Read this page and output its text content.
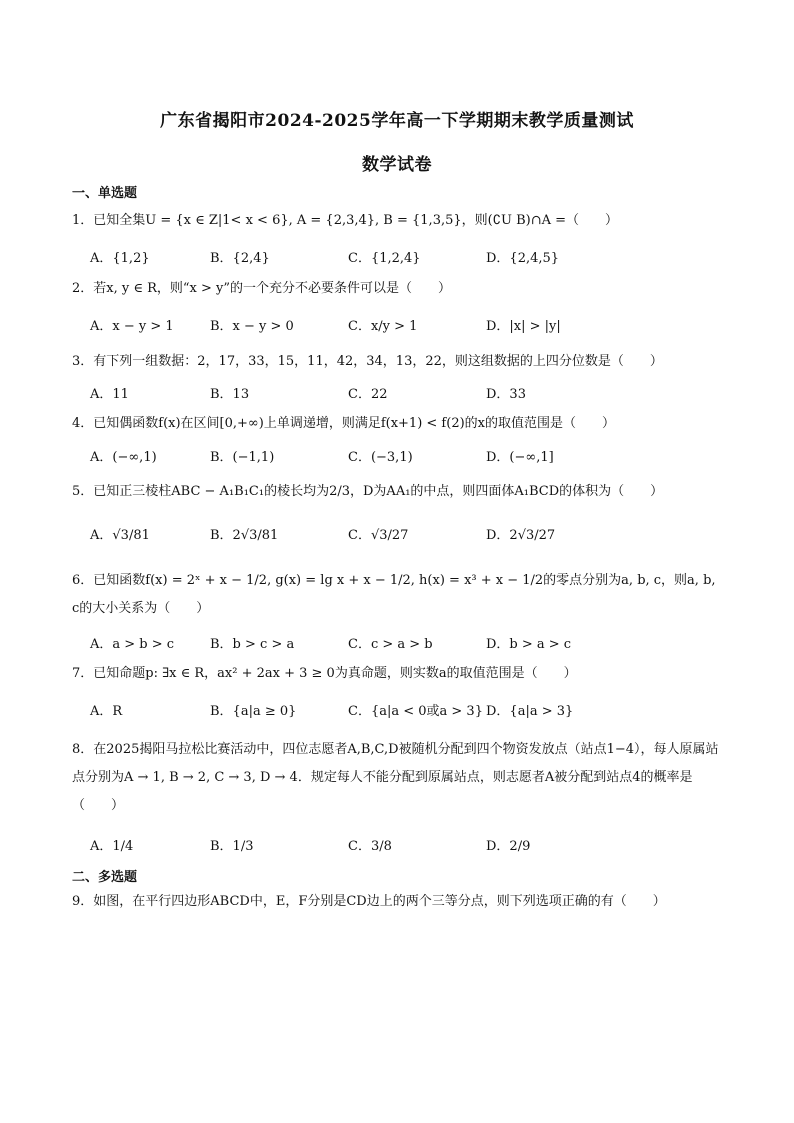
广东省揭阳市2024-2025学年高一下学期期末教学质量测试
数学试卷
一、单选题
1．已知全集U = {x ∈ Z|1< x < 6}, A = {2,3,4}, B = {1,3,5}，则(∁U B)∩A =（　　）
A．{1,2}	B．{2,4}	C．{1,2,4}	D．{2,4,5}
2．若x, y ∈ R，则“x > y”的一个充分不必要条件可以是（　　）
A．x − y > 1	B．x − y > 0	C．x/y > 1	D．|x| > |y|
3．有下列一组数据：2，17，33，15，11，42，34，13，22，则这组数据的上四分位数是（　　）
A．11	B．13	C．22	D．33
4．已知偶函数f(x)在区间[0,+∞)上单调递增，则满足f(x+1) < f(2)的x的取值范围是（　　）
A．(−∞,1)	B．(−1,1)	C．(−3,1)	D．(−∞,1]
5．已知正三棱柱ABC − A₁B₁C₁的棱长均为2/3，D为AA₁的中点，则四面体A₁BCD的体积为（　　）
A．√3/81	B．2√3/81	C．√3/27	D．2√3/27
6．已知函数f(x) = 2ˣ + x − 1/2, g(x) = lg x + x − 1/2, h(x) = x³ + x − 1/2的零点分别为a, b, c，则a, b, c的大小关系为（　　）
A．a > b > c	B．b > c > a	C．c > a > b	D．b > a > c
7．已知命题p: ∃x ∈ R，ax² + 2ax + 3 ≥ 0为真命题，则实数a的取值范围是（　　）
A．R	B．{a|a ≥ 0}	C．{a|a < 0或a > 3} D．{a|a > 3}
8．在2025揭阳马拉松比赛活动中，四位志愿者A,B,C,D被随机分配到四个物资发放点（站点1−4），每人原属站点分别为A → 1, B → 2, C → 3, D → 4．规定每人不能分配到原属站点，则志愿者A被分配到站点4的概率是（　　）
A．1/4	B．1/3	C．3/8	D．2/9
二、多选题
9．如图，在平行四边形ABCD中，E，F分别是CD边上的两个三等分点，则下列选项正确的有（　　）
